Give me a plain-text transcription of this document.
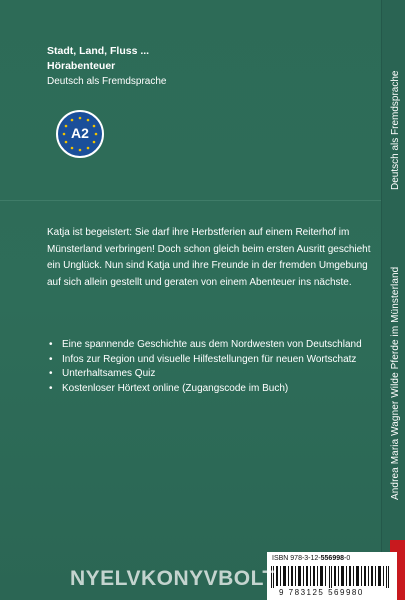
Stadt, Land, Fluss ...
Hörabenteuer
Deutsch als Fremdsprache
A2
Katja ist begeistert: Sie darf ihre Herbstferien auf einem Reiterhof im Münsterland verbringen! Doch schon gleich beim ersten Ausritt geschieht ein Unglück. Nun sind Katja und ihre Freunde in der fremden Umgebung auf sich allein gestellt und geraten von einem Abenteuer ins nächste.
• Eine spannende Geschichte aus dem Nordwesten von Deutschland
• Infos zur Region und visuelle Hilfestellungen für neuen Wortschatz
• Unterhaltsames Quiz
• Kostenloser Hörtext online (Zugangscode im Buch)
Deutsch als Fremdsprache
Andrea Maria Wagner Wilde Pferde im Münsterland
ISBN 978-3-12-556998-0
9 783125 569980
NYELVKONYVBOLT
